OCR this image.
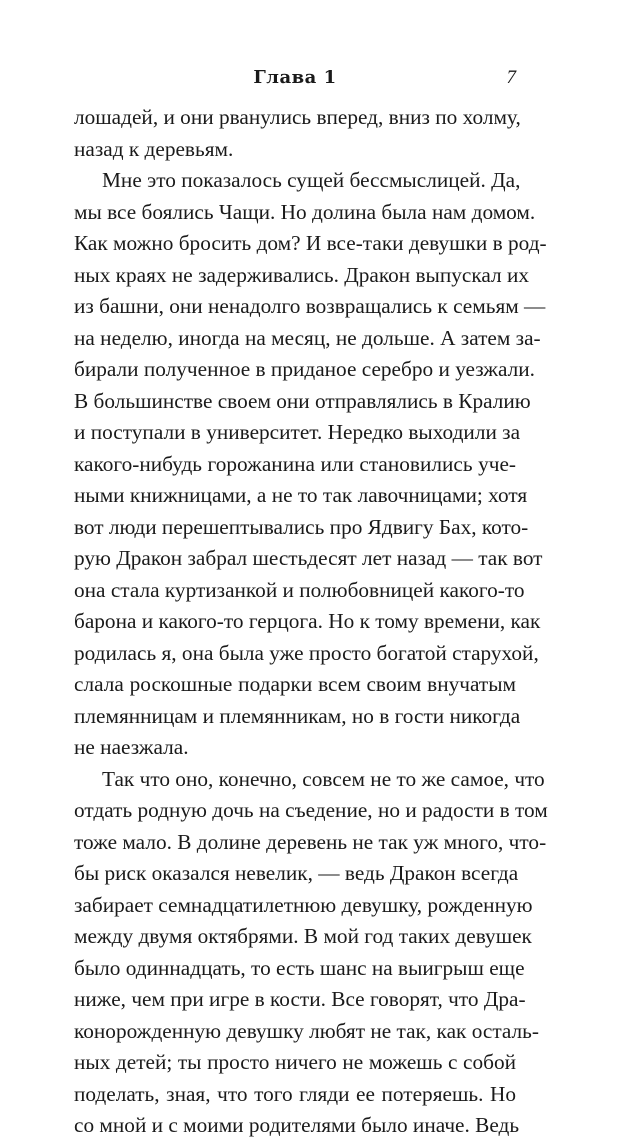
Глава 1	7
лошадей, и они рванулись вперед, вниз по холму,
назад к деревьям.
Мне это показалось сущей бессмыслицей. Да,
мы все боялись Чащи. Но долина была нам домом.
Как можно бросить дом? И все-таки девушки в род-
ных краях не задерживались. Дракон выпускал их
из башни, они ненадолго возвращались к семьям —
на неделю, иногда на месяц, не дольше. А затем за-
бирали полученное в приданое серебро и уезжали.
В большинстве своем они отправлялись в Кралию
и поступали в университет. Нередко выходили за
какого-нибудь горожанина или становились уче-
ными книжницами, а не то так лавочницами; хотя
вот люди перешептывались про Ядвигу Бах, кото-
рую Дракон забрал шестьдесят лет назад — так вот
она стала куртизанкой и полюбовницей какого-то
барона и какого-то герцога. Но к тому времени, как
родилась я, она была уже просто богатой старухой,
слала роскошные подарки всем своим внучатым
племянницам и племянникам, но в гости никогда
не наезжала.
Так что оно, конечно, совсем не то же самое, что
отдать родную дочь на съедение, но и радости в том
тоже мало. В долине деревень не так уж много, что-
бы риск оказался невелик, — ведь Дракон всегда
забирает семнадцатилетнюю девушку, рожденную
между двумя октябрями. В мой год таких девушек
было одиннадцать, то есть шанс на выигрыш еще
ниже, чем при игре в кости. Все говорят, что Дра-
конорожденную девушку любят не так, как осталь-
ных детей; ты просто ничего не можешь с собой
поделать, зная, что того гляди ее потеряешь. Но
со мной и с моими родителями было иначе. Ведь
